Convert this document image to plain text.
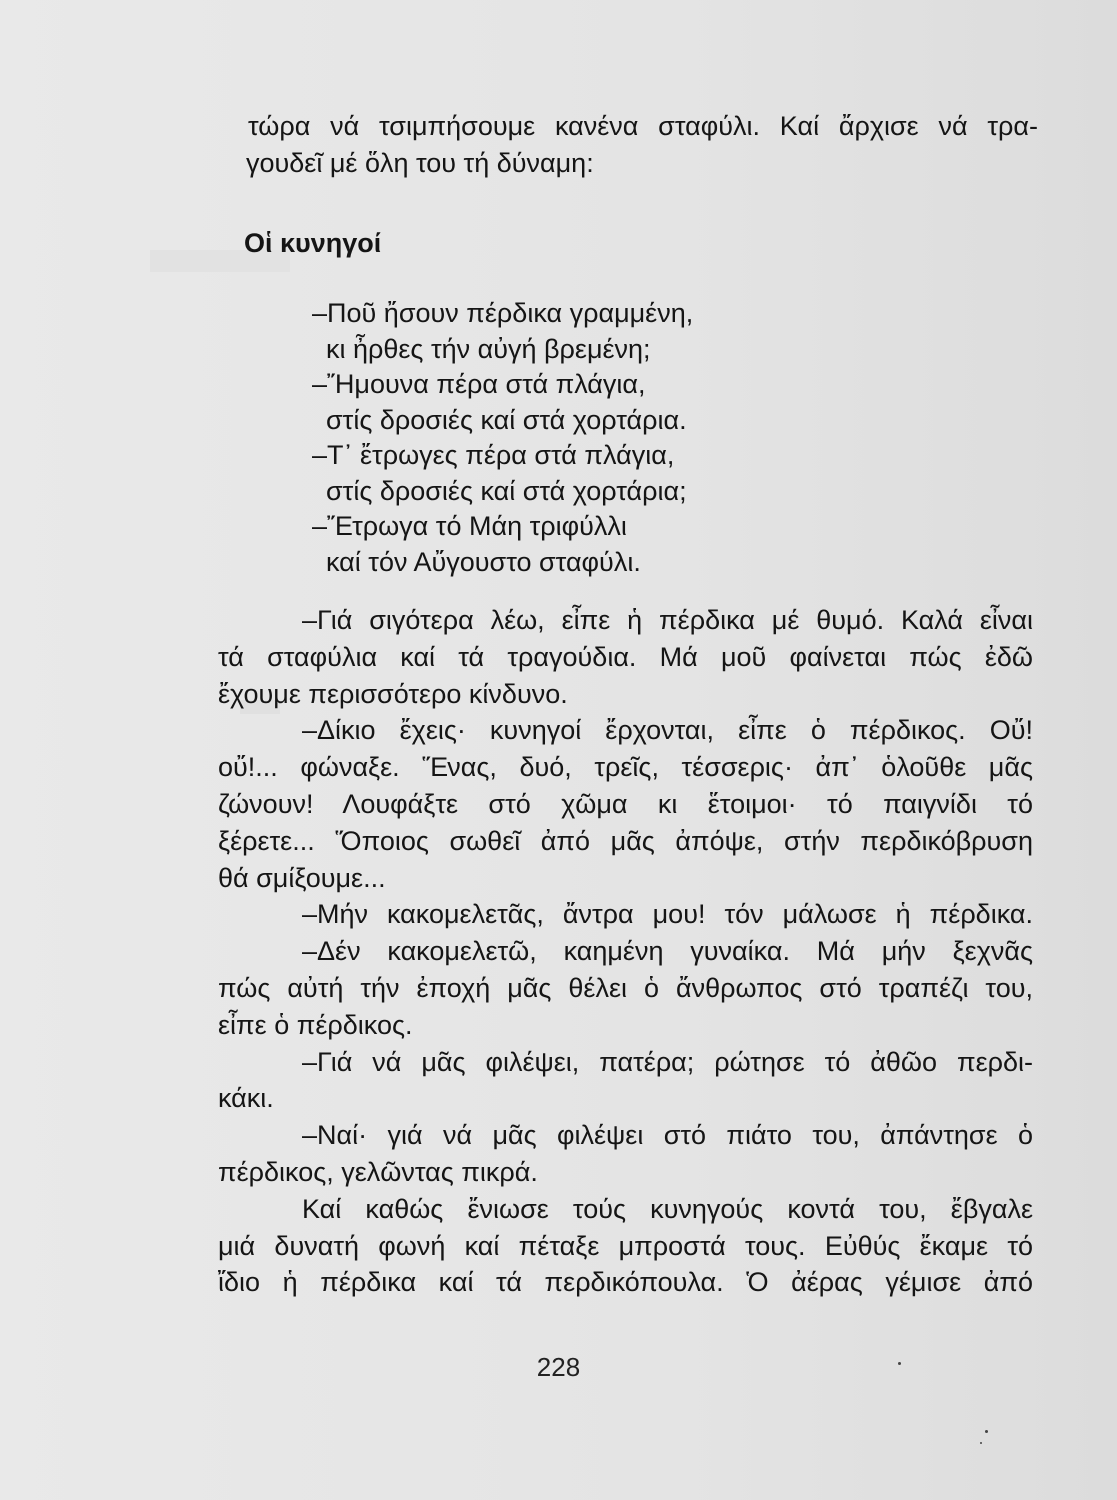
τώρα νά τσιμπήσουμε κανένα σταφύλι. Καί ἄρχισε νά τρα-
γουδεῖ μέ ὅλη του τή δύναμη:
Οἱ κυνηγοί
–Ποῦ ἤσουν πέρδικα γραμμένη,
κι ἦρθες τήν αὐγή βρεμένη;
–Ἤμουνα πέρα στά πλάγια,
στίς δροσιές καί στά χορτάρια.
–Τ᾽ ἔτρωγες πέρα στά πλάγια,
στίς δροσιές καί στά χορτάρια;
–Ἔτρωγα τό Μάη τριφύλλι
καί τόν Αὔγουστο σταφύλι.
–Γιά σιγότερα λέω, εἶπε ἡ πέρδικα μέ θυμό. Καλά εἶναι
τά σταφύλια καί τά τραγούδια. Μά μοῦ φαίνεται πώς ἐδῶ
ἔχουμε περισσότερο κίνδυνο.
–Δίκιο ἔχεις· κυνηγοί ἔρχονται, εἶπε ὁ πέρδικος. Οὔ!
οὔ!... φώναξε. Ἕνας, δυό, τρεῖς, τέσσερις· ἀπ᾽ ὁλοῦθε μᾶς
ζώνουν! Λουφάξτε στό χῶμα κι ἕτοιμοι· τό παιγνίδι τό
ξέρετε... Ὅποιος σωθεῖ ἀπό μᾶς ἀπόψε, στήν περδικόβρυση
θά σμίξουμε...
–Μήν κακομελετᾶς, ἄντρα μου! τόν μάλωσε ἡ πέρδικα.
–Δέν κακομελετῶ, καημένη γυναίκα. Μά μήν ξεχνᾶς
πώς αὐτή τήν ἐποχή μᾶς θέλει ὁ ἄνθρωπος στό τραπέζι του,
εἶπε ὁ πέρδικος.
–Γιά νά μᾶς φιλέψει, πατέρα; ρώτησε τό ἀθῶο περδι-
κάκι.
–Ναί· γιά νά μᾶς φιλέψει στό πιάτο του, ἀπάντησε ὁ
πέρδικος, γελῶντας πικρά.
Καί καθώς ἔνιωσε τούς κυνηγούς κοντά του, ἔβγαλε
μιά δυνατή φωνή καί πέταξε μπροστά τους. Εὐθύς ἔκαμε τό
ἴδιο ἡ πέρδικα καί τά περδικόπουλα. Ὁ ἀέρας γέμισε ἀπό
228
